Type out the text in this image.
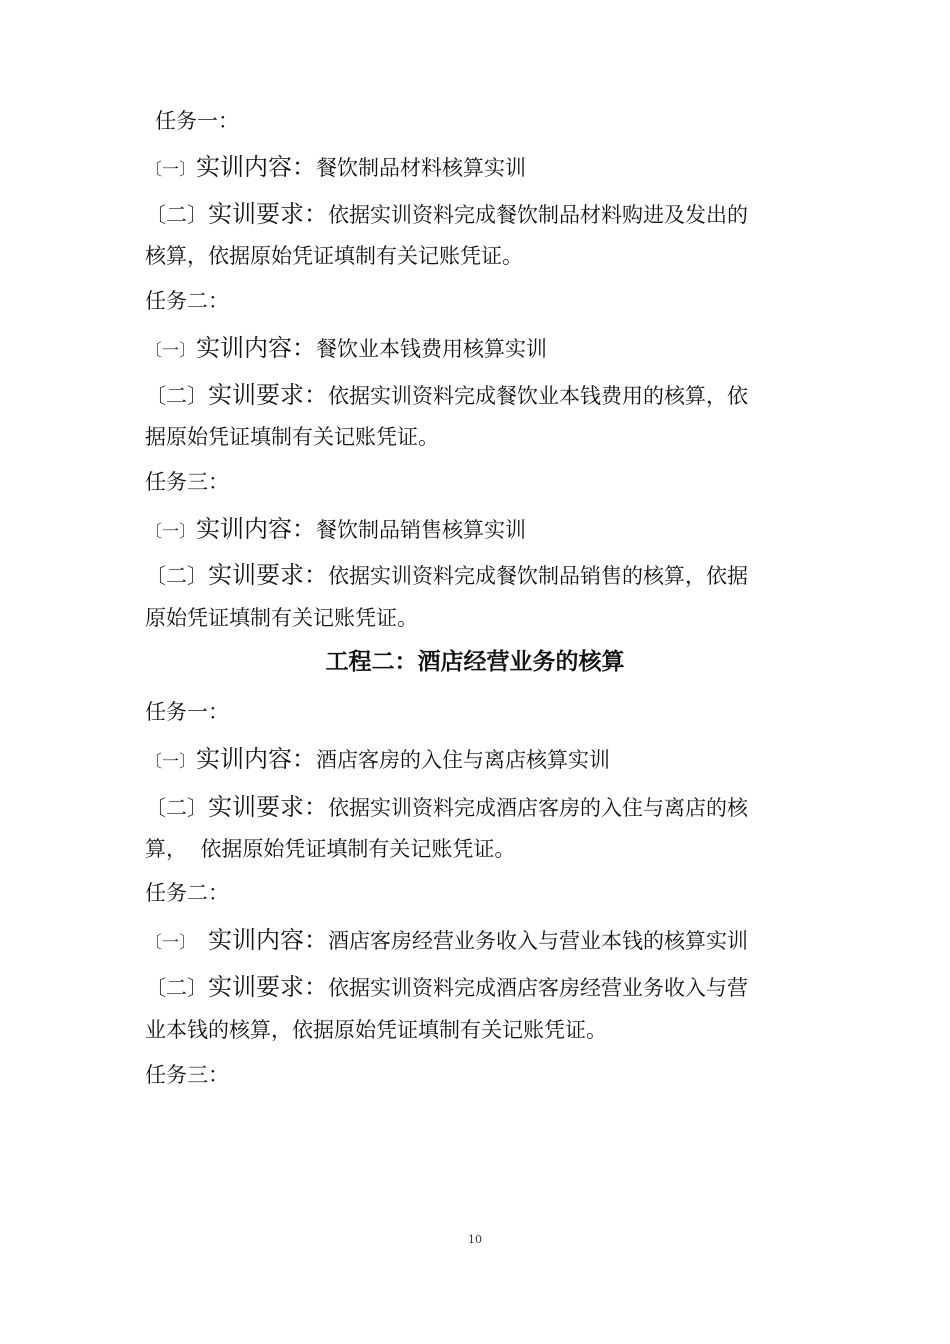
任务一：
〔一〕实训内容：餐饮制品材料核算实训
〔二〕实训要求：依据实训资料完成餐饮制品材料购进及发出的
核算，依据原始凭证填制有关记账凭证。
任务二：
〔一〕实训内容：餐饮业本钱费用核算实训
〔二〕实训要求：依据实训资料完成餐饮业本钱费用的核算，依
据原始凭证填制有关记账凭证。
任务三：
〔一〕实训内容：餐饮制品销售核算实训
〔二〕实训要求：依据实训资料完成餐饮制品销售的核算，依据
原始凭证填制有关记账凭证。
工程二：酒店经营业务的核算
任务一：
〔一〕实训内容：酒店客房的入住与离店核算实训
〔二〕实训要求：依据实训资料完成酒店客房的入住与离店的核
算，  依据原始凭证填制有关记账凭证。
任务二：
〔一〕 实训内容：酒店客房经营业务收入与营业本钱的核算实训
〔二〕实训要求：依据实训资料完成酒店客房经营业务收入与营
业本钱的核算，依据原始凭证填制有关记账凭证。
任务三：
10
